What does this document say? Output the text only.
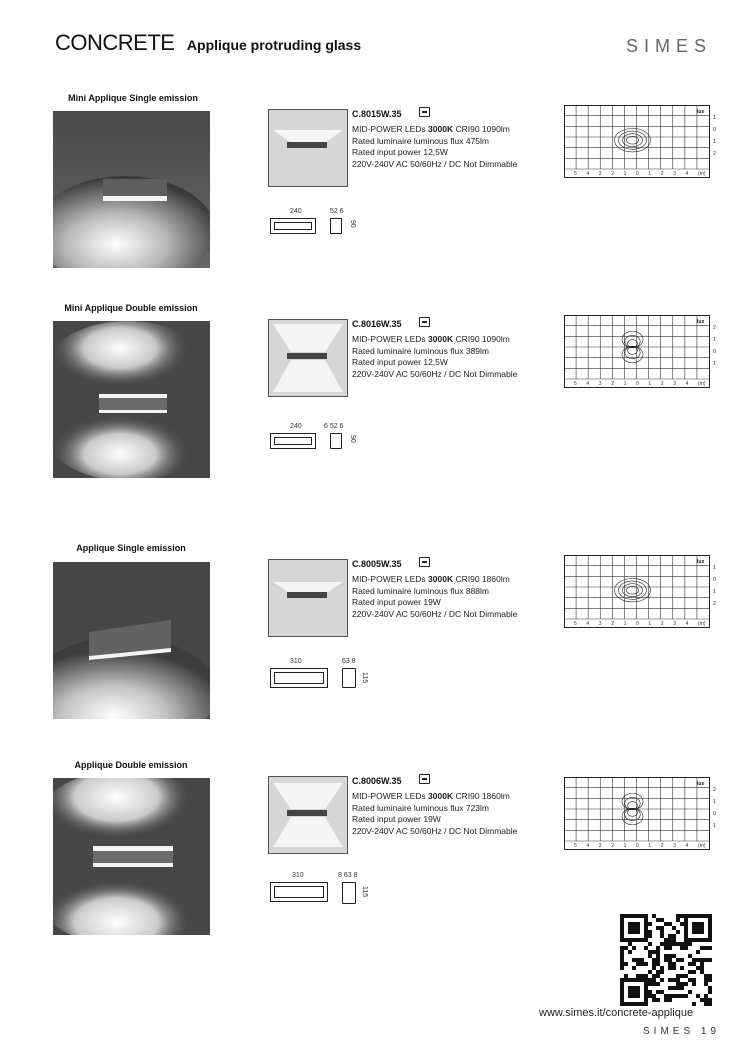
CONCRETE Applique protruding glass	SIMES
Mini Applique Single emission
C.8015W.35
MID-POWER LEDs 3000K CRI90 1090lm
Rated luminaire luminous flux 475lm
Rated input power 12,5W
220V-240V AC 50/60Hz / DC Not Dimmable
240	52 6
90
lux
1
0
1
2
5 4 3 2 1 0 1 2 3 4 (m)
Mini Applique Double emission
C.8016W.35
MID-POWER LEDs 3000K CRI90 1090lm
Rated luminaire luminous flux 389lm
Rated input power 12,5W
220V-240V AC 50/60Hz / DC Not Dimmable
240	6 52 6
90
lux
2
1
0
1
5 4 3 2 1 0 1 2 3 4 (m)
Applique Single emission
C.8005W.35
MID-POWER LEDs 3000K CRI90 1860lm
Rated luminaire luminous flux 888lm
Rated input power 19W
220V-240V AC 50/60Hz / DC Not Dimmable
310	63 8
115
lux
1
0
1
2
5 4 3 2 1 0 1 2 3 4 (m)
Applique Double emission
C.8006W.35
MID-POWER LEDs 3000K CRI90 1860lm
Rated luminaire luminous flux 723lm
Rated input power 19W
220V-240V AC 50/60Hz / DC Not Dimmable
310	8 63 8
115
lux
2
1
0
1
5 4 3 2 1 0 1 2 3 4 (m)
www.simes.it/concrete-applique
SIMES 19
